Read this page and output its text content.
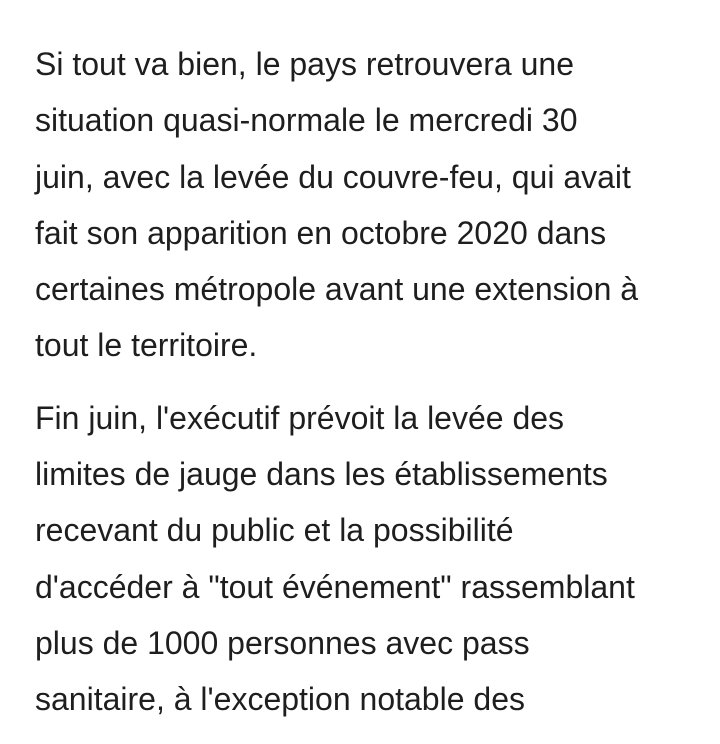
Si tout va bien, le pays retrouvera une
situation quasi-normale le mercredi 30
juin, avec la levée du couvre-feu, qui avait
fait son apparition en octobre 2020 dans
certaines métropole avant une extension à
tout le territoire.
Fin juin, l'exécutif prévoit la levée des
limites de jauge dans les établissements
recevant du public et la possibilité
d'accéder à "tout événement" rassemblant
plus de 1000 personnes avec pass
sanitaire, à l'exception notable des
